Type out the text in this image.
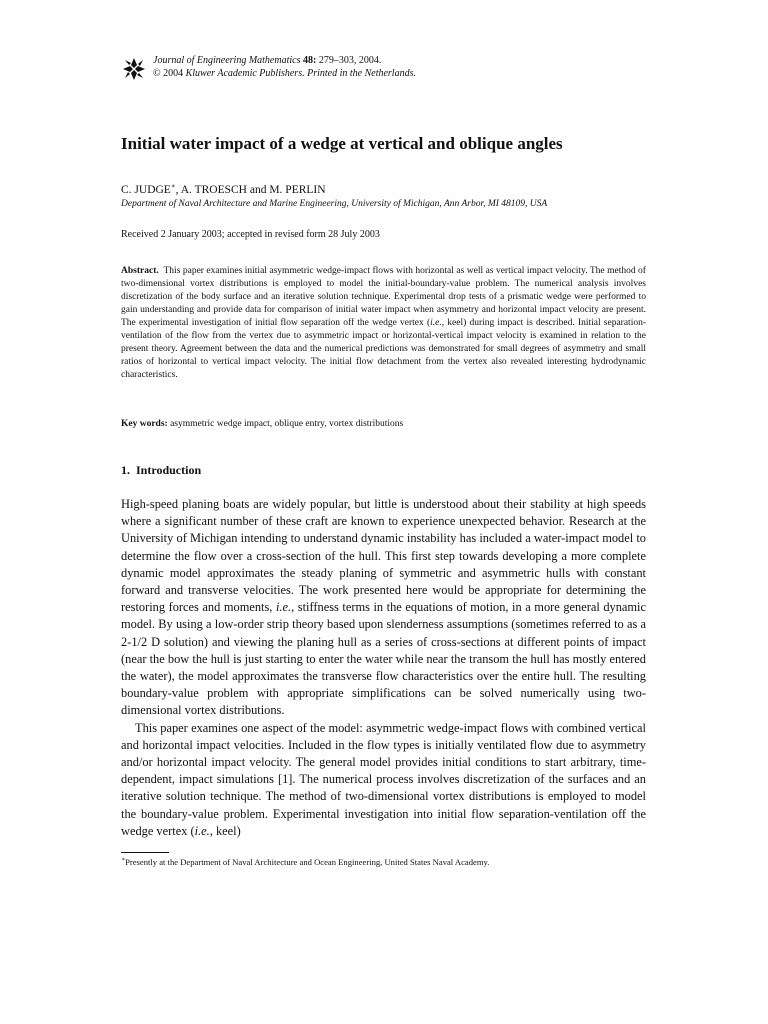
Journal of Engineering Mathematics 48: 279–303, 2004.
© 2004 Kluwer Academic Publishers. Printed in the Netherlands.
Initial water impact of a wedge at vertical and oblique angles
C. JUDGE∗, A. TROESCH and M. PERLIN
Department of Naval Architecture and Marine Engineering, University of Michigan, Ann Arbor, MI 48109, USA
Received 2 January 2003; accepted in revised form 28 July 2003
Abstract. This paper examines initial asymmetric wedge-impact flows with horizontal as well as vertical impact velocity. The method of two-dimensional vortex distributions is employed to model the initial-boundary-value problem. The numerical analysis involves discretization of the body surface and an iterative solution technique. Experimental drop tests of a prismatic wedge were performed to gain understanding and provide data for comparison of initial water impact when asymmetry and horizontal impact velocity are present. The experimental investigation of initial flow separation off the wedge vertex (i.e., keel) during impact is described. Initial separation-ventilation of the flow from the vertex due to asymmetric impact or horizontal-vertical impact velocity is examined in relation to the present theory. Agreement between the data and the numerical predictions was demonstrated for small degrees of asymmetry and small ratios of horizontal to vertical impact velocity. The initial flow detachment from the vertex also revealed interesting hydrodynamic characteristics.
Key words: asymmetric wedge impact, oblique entry, vortex distributions
1. Introduction

High-speed planing boats are widely popular, but little is understood about their stability at high speeds where a significant number of these craft are known to experience unexpected behavior. Research at the University of Michigan intending to understand dynamic instability has included a water-impact model to determine the flow over a cross-section of the hull. This first step towards developing a more complete dynamic model approximates the steady planing of symmetric and asymmetric hulls with constant forward and transverse velocities. The work presented here would be appropriate for determining the restoring forces and moments, i.e., stiffness terms in the equations of motion, in a more general dynamic model. By using a low-order strip theory based upon slenderness assumptions (sometimes referred to as a 2-1/2 D solution) and viewing the planing hull as a series of cross-sections at different points of impact (near the bow the hull is just starting to enter the water while near the transom the hull has mostly entered the water), the model approximates the transverse flow characteristics over the entire hull. The resulting boundary-value problem with appropriate simplifications can be solved numerically using two-dimensional vortex distributions.

This paper examines one aspect of the model: asymmetric wedge-impact flows with combined vertical and horizontal impact velocities. Included in the flow types is initially ventilated flow due to asymmetry and/or horizontal impact velocity. The general model provides initial conditions to start arbitrary, time-dependent, impact simulations [1]. The numerical process involves discretization of the surfaces and an iterative solution technique. The method of two-dimensional vortex distributions is employed to model the boundary-value problem. Experimental investigation into initial flow separation-ventilation off the wedge vertex (i.e., keel)

∗Presently at the Department of Naval Architecture and Ocean Engineering, United States Naval Academy.
